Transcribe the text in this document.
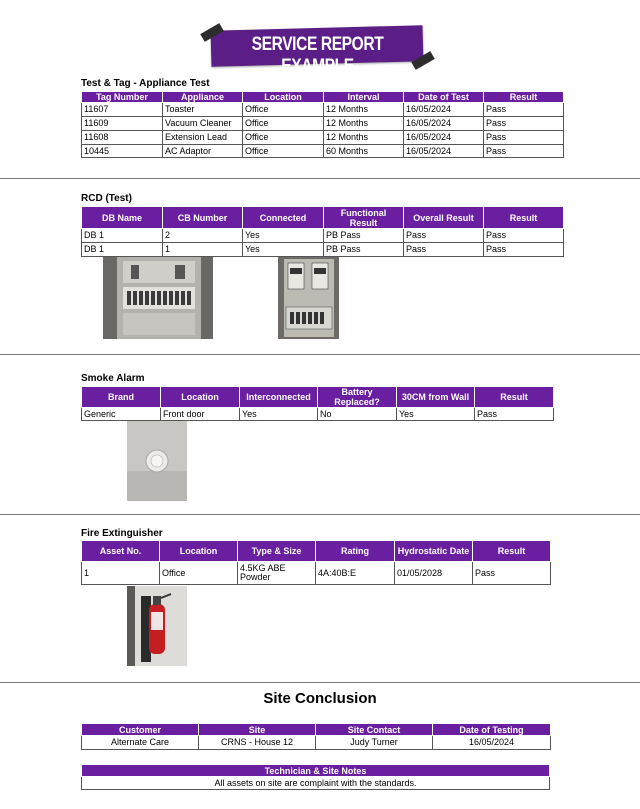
SERVICE REPORT EXAMPLE
Test & Tag - Appliance Test
Tag Number	Appliance	Location	Interval	Date of Test	Result
11607	Toaster	Office	12 Months	16/05/2024	Pass
11609	Vacuum Cleaner	Office	12 Months	16/05/2024	Pass
11608	Extension Lead	Office	12 Months	16/05/2024	Pass
10445	AC Adaptor	Office	60 Months	16/05/2024	Pass
RCD (Test)
DB Name	CB Number	Connected	Functional Result	Overall Result	Result
DB 1	2	Yes	PB Pass	Pass	Pass
DB 1	1	Yes	PB Pass	Pass	Pass
Smoke Alarm
Brand	Location	Interconnected	Battery Replaced?	30CM from Wall	Result
Generic	Front door	Yes	No	Yes	Pass
Fire Extinguisher
Asset No.	Location	Type & Size	Rating	Hydrostatic Date	Result
1	Office	4.5KG ABE Powder	4A:40B:E	01/05/2028	Pass
Site Conclusion
Customer	Site	Site Contact	Date of Testing
Alternate Care	CRNS - House 12	Judy Turner	16/05/2024
Technician & Site Notes
All assets on site are complaint with the standards.
